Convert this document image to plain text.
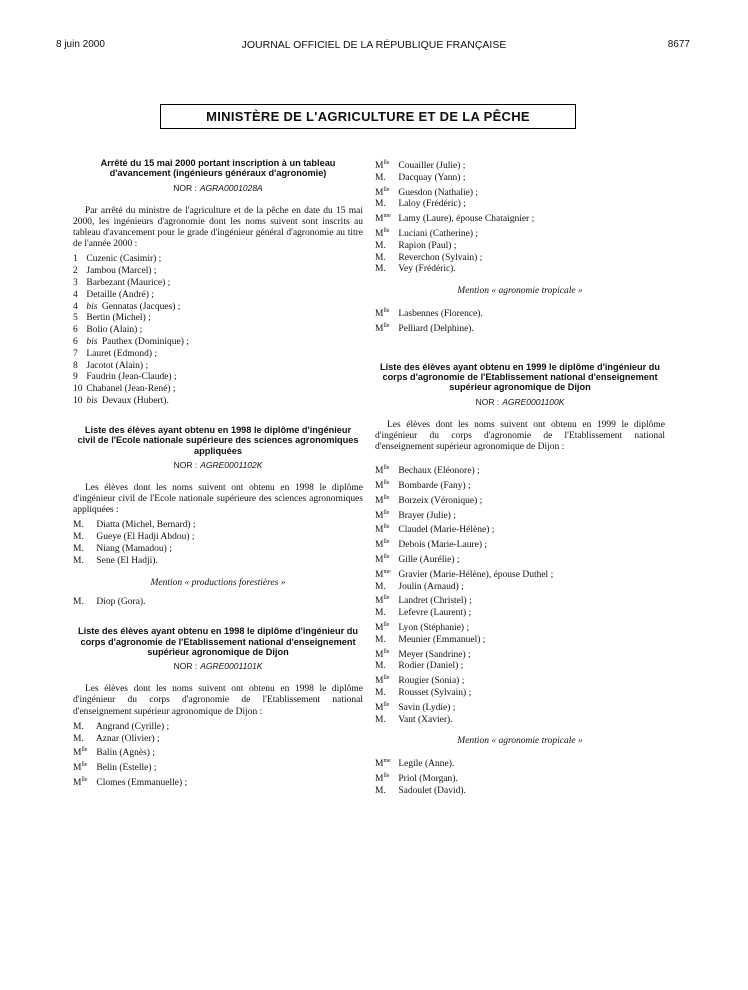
8 juin 2000	JOURNAL OFFICIEL DE LA RÉPUBLIQUE FRANÇAISE	8677
MINISTÈRE DE L'AGRICULTURE ET DE LA PÊCHE
Arrêté du 15 mai 2000 portant inscription à un tableau d'avancement (ingénieurs généraux d'agronomie)
NOR : AGRA0001028A

Par arrêté du ministre de l'agriculture et de la pêche en date du 15 mai 2000, les ingénieurs d'agronomie dont les noms suivent sont inscrits au tableau d'avancement pour le grade d'ingénieur général d'agronomie au titre de l'année 2000 :

1 Cuzenic (Casimir) ;
2 Jambou (Marcel) ;
3 Barbezant (Maurice) ;
4 Detaille (André) ;
4 bis Gennatas (Jacques) ;
5 Bertin (Michel) ;
6 Bolio (Alain) ;
6 bis Pauthex (Dominique) ;
7 Lauret (Edmond) ;
8 Jacotot (Alain) ;
9 Faudrin (Jean-Claude) ;
10 Chabanel (Jean-René) ;
10 bis Devaux (Hubert).
Liste des élèves ayant obtenu en 1998 le diplôme d'ingénieur civil de l'Ecole nationale supérieure des sciences agronomiques appliquées
NOR : AGRE0001102K

Les élèves dont les noms suivent ont obtenu en 1998 le diplôme d'ingénieur civil de l'Ecole nationale supérieure des sciences agronomiques appliquées :

M. Diatta (Michel, Bernard) ;
M. Gueye (El Hadji Abdou) ;
M. Niang (Mamadou) ;
M. Sene (El Hadji).
Mention « productions forestières »
M. Diop (Gora).
Liste des élèves ayant obtenu en 1998 le diplôme d'ingénieur du corps d'agronomie de l'Etablissement national d'enseignement supérieur agronomique de Dijon
NOR : AGRE0001101K

Les élèves dont les noms suivent ont obtenu en 1998 le diplôme d'ingénieur du corps d'agronomie de l'Etablissement national d'enseignement supérieur agronomique de Dijon :

M. Angrand (Cyrille) ;
M. Aznar (Olivier) ;
$M^{lle}$ Balin (Agnès) ;
$M^{lle}$ Belin (Estelle) ;
$M^{lle}$ Clomes (Emmanuelle) ;
$M^{lle}$ Couailler (Julie) ;
M. Dacquay (Yann) ;
$M^{lle}$ Guesdon (Nathalie) ;
M. Laloy (Frédéric) ;
$M^{me}$ Lamy (Laure), épouse Chataignier ;
$M^{lle}$ Luciani (Catherine) ;
M. Rapion (Paul) ;
M. Reverchon (Sylvain) ;
M. Vey (Frédéric).
Mention « agronomie tropicale »
$M^{lle}$ Lasbennes (Florence).
$M^{lle}$ Pelliard (Delphine).
Liste des élèves ayant obtenu en 1999 le diplôme d'ingénieur du corps d'agronomie de l'Etablissement national d'enseignement supérieur agronomique de Dijon
NOR : AGRE0001100K

Les élèves dont les noms suivent ont obtenu en 1999 le diplôme d'ingénieur du corps d'agronomie de l'Etablissement national d'enseignement supérieur agronomique de Dijon :

$M^{lle}$ Bechaux (Eléonore) ;
$M^{lle}$ Bombarde (Fany) ;
$M^{lle}$ Borzeix (Véronique) ;
$M^{lle}$ Brayer (Julie) ;
$M^{lle}$ Claudel (Marie-Hélène) ;
$M^{lle}$ Debois (Marie-Laure) ;
$M^{lle}$ Gille (Aurélie) ;
$M^{me}$ Gravier (Marie-Hélène), épouse Duthel ;
M. Joulin (Arnaud) ;
$M^{lle}$ Landret (Christel) ;
M. Lefevre (Laurent) ;
$M^{lle}$ Lyon (Stéphanie) ;
M. Meunier (Emmanuel) ;
$M^{lle}$ Meyer (Sandrine) ;
M. Rodier (Daniel) ;
$M^{lle}$ Rougier (Sonia) ;
M. Rousset (Sylvain) ;
$M^{lle}$ Savin (Lydie) ;
M. Vant (Xavier).
Mention « agronomie tropicale »
$M^{me}$ Legile (Anne).
$M^{lle}$ Priol (Morgan).
M. Sadoulet (David).
